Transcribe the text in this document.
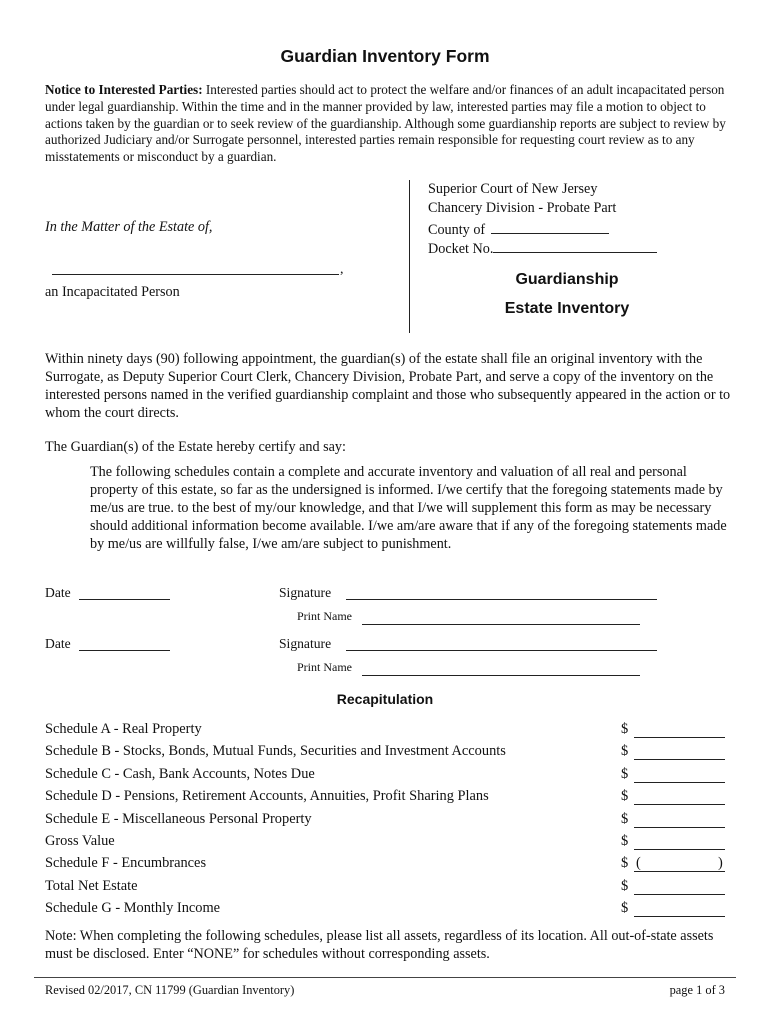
Guardian Inventory Form
Notice to Interested Parties: Interested parties should act to protect the welfare and/or finances of an adult incapacitated person under legal guardianship. Within the time and in the manner provided by law, interested parties may file a motion to object to actions taken by the guardian or to seek review of the guardianship. Although some guardianship reports are subject to review by authorized Judiciary and/or Surrogate personnel, interested parties remain responsible for requesting court review as to any misstatements or misconduct by a guardian.
Superior Court of New Jersey
Chancery Division - Probate Part
County of
Docket No.
In the Matter of the Estate of,
,
an Incapacitated Person
Guardianship
Estate Inventory
Within ninety days (90) following appointment, the guardian(s) of the estate shall file an original inventory with the Surrogate, as Deputy Superior Court Clerk, Chancery Division, Probate Part, and serve a copy of the inventory on the interested persons named in the verified guardianship complaint and those who subsequently appeared in the action or to whom the court directs.
The Guardian(s) of the Estate hereby certify and say:
The following schedules contain a complete and accurate inventory and valuation of all real and personal property of this estate, so far as the undersigned is informed. I/we certify that the foregoing statements made by me/us are true. to the best of my/our knowledge, and that I/we will supplement this form as may be necessary should additional information become available. I/we am/are aware that if any of the foregoing statements made by me/us are willfully false, I/we am/are subject to punishment.
Date	Signature
Print Name
Date	Signature
Print Name
Recapitulation
Schedule A - Real Property	$
Schedule B - Stocks, Bonds, Mutual Funds, Securities and Investment Accounts	$
Schedule C - Cash, Bank Accounts, Notes Due	$
Schedule D - Pensions, Retirement Accounts, Annuities, Profit Sharing Plans	$
Schedule E - Miscellaneous Personal Property	$
Gross Value	$
Schedule F - Encumbrances	$ (	)
Total Net Estate	$
Schedule G - Monthly Income	$
Note: When completing the following schedules, please list all assets, regardless of its location. All out-of-state assets must be disclosed. Enter “NONE” for schedules without corresponding assets.
Revised 02/2017, CN 11799 (Guardian Inventory)	page 1 of 3
